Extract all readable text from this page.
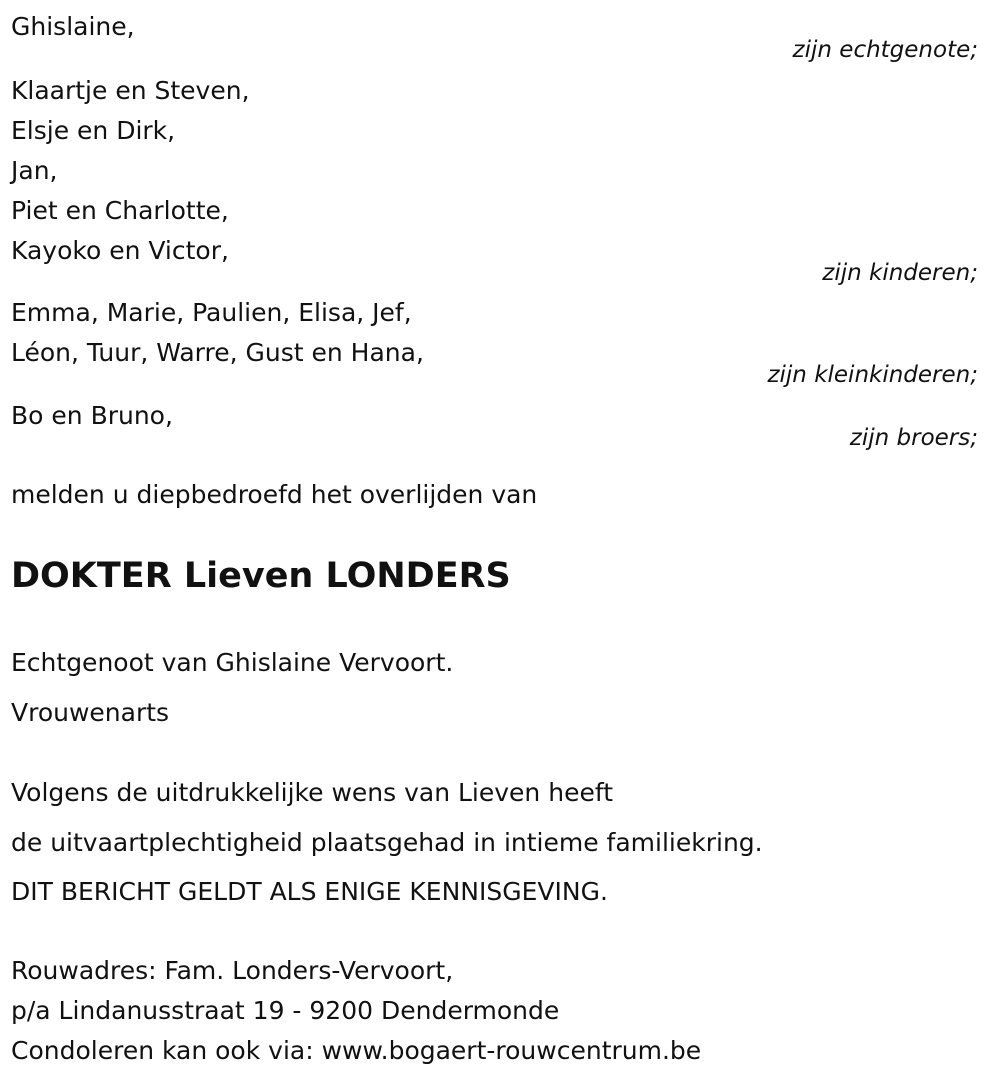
Ghislaine,
zijn echtgenote;
Klaartje en Steven,
Elsje en Dirk,
Jan,
Piet en Charlotte,
Kayoko en Victor,
zijn kinderen;
Emma, Marie, Paulien, Elisa, Jef,
Léon, Tuur, Warre, Gust en Hana,
zijn kleinkinderen;
Bo en Bruno,
zijn broers;
melden u diepbedroefd het overlijden van
DOKTER Lieven LONDERS
Echtgenoot van Ghislaine Vervoort.
Vrouwenarts
Volgens de uitdrukkelijke wens van Lieven heeft
de uitvaartplechtigheid plaatsgehad in intieme familiekring.
DIT BERICHT GELDT ALS ENIGE KENNISGEVING.
Rouwadres: Fam. Londers-Vervoort,
p/a Lindanusstraat 19 - 9200 Dendermonde
Condoleren kan ook via: www.bogaert-rouwcentrum.be
